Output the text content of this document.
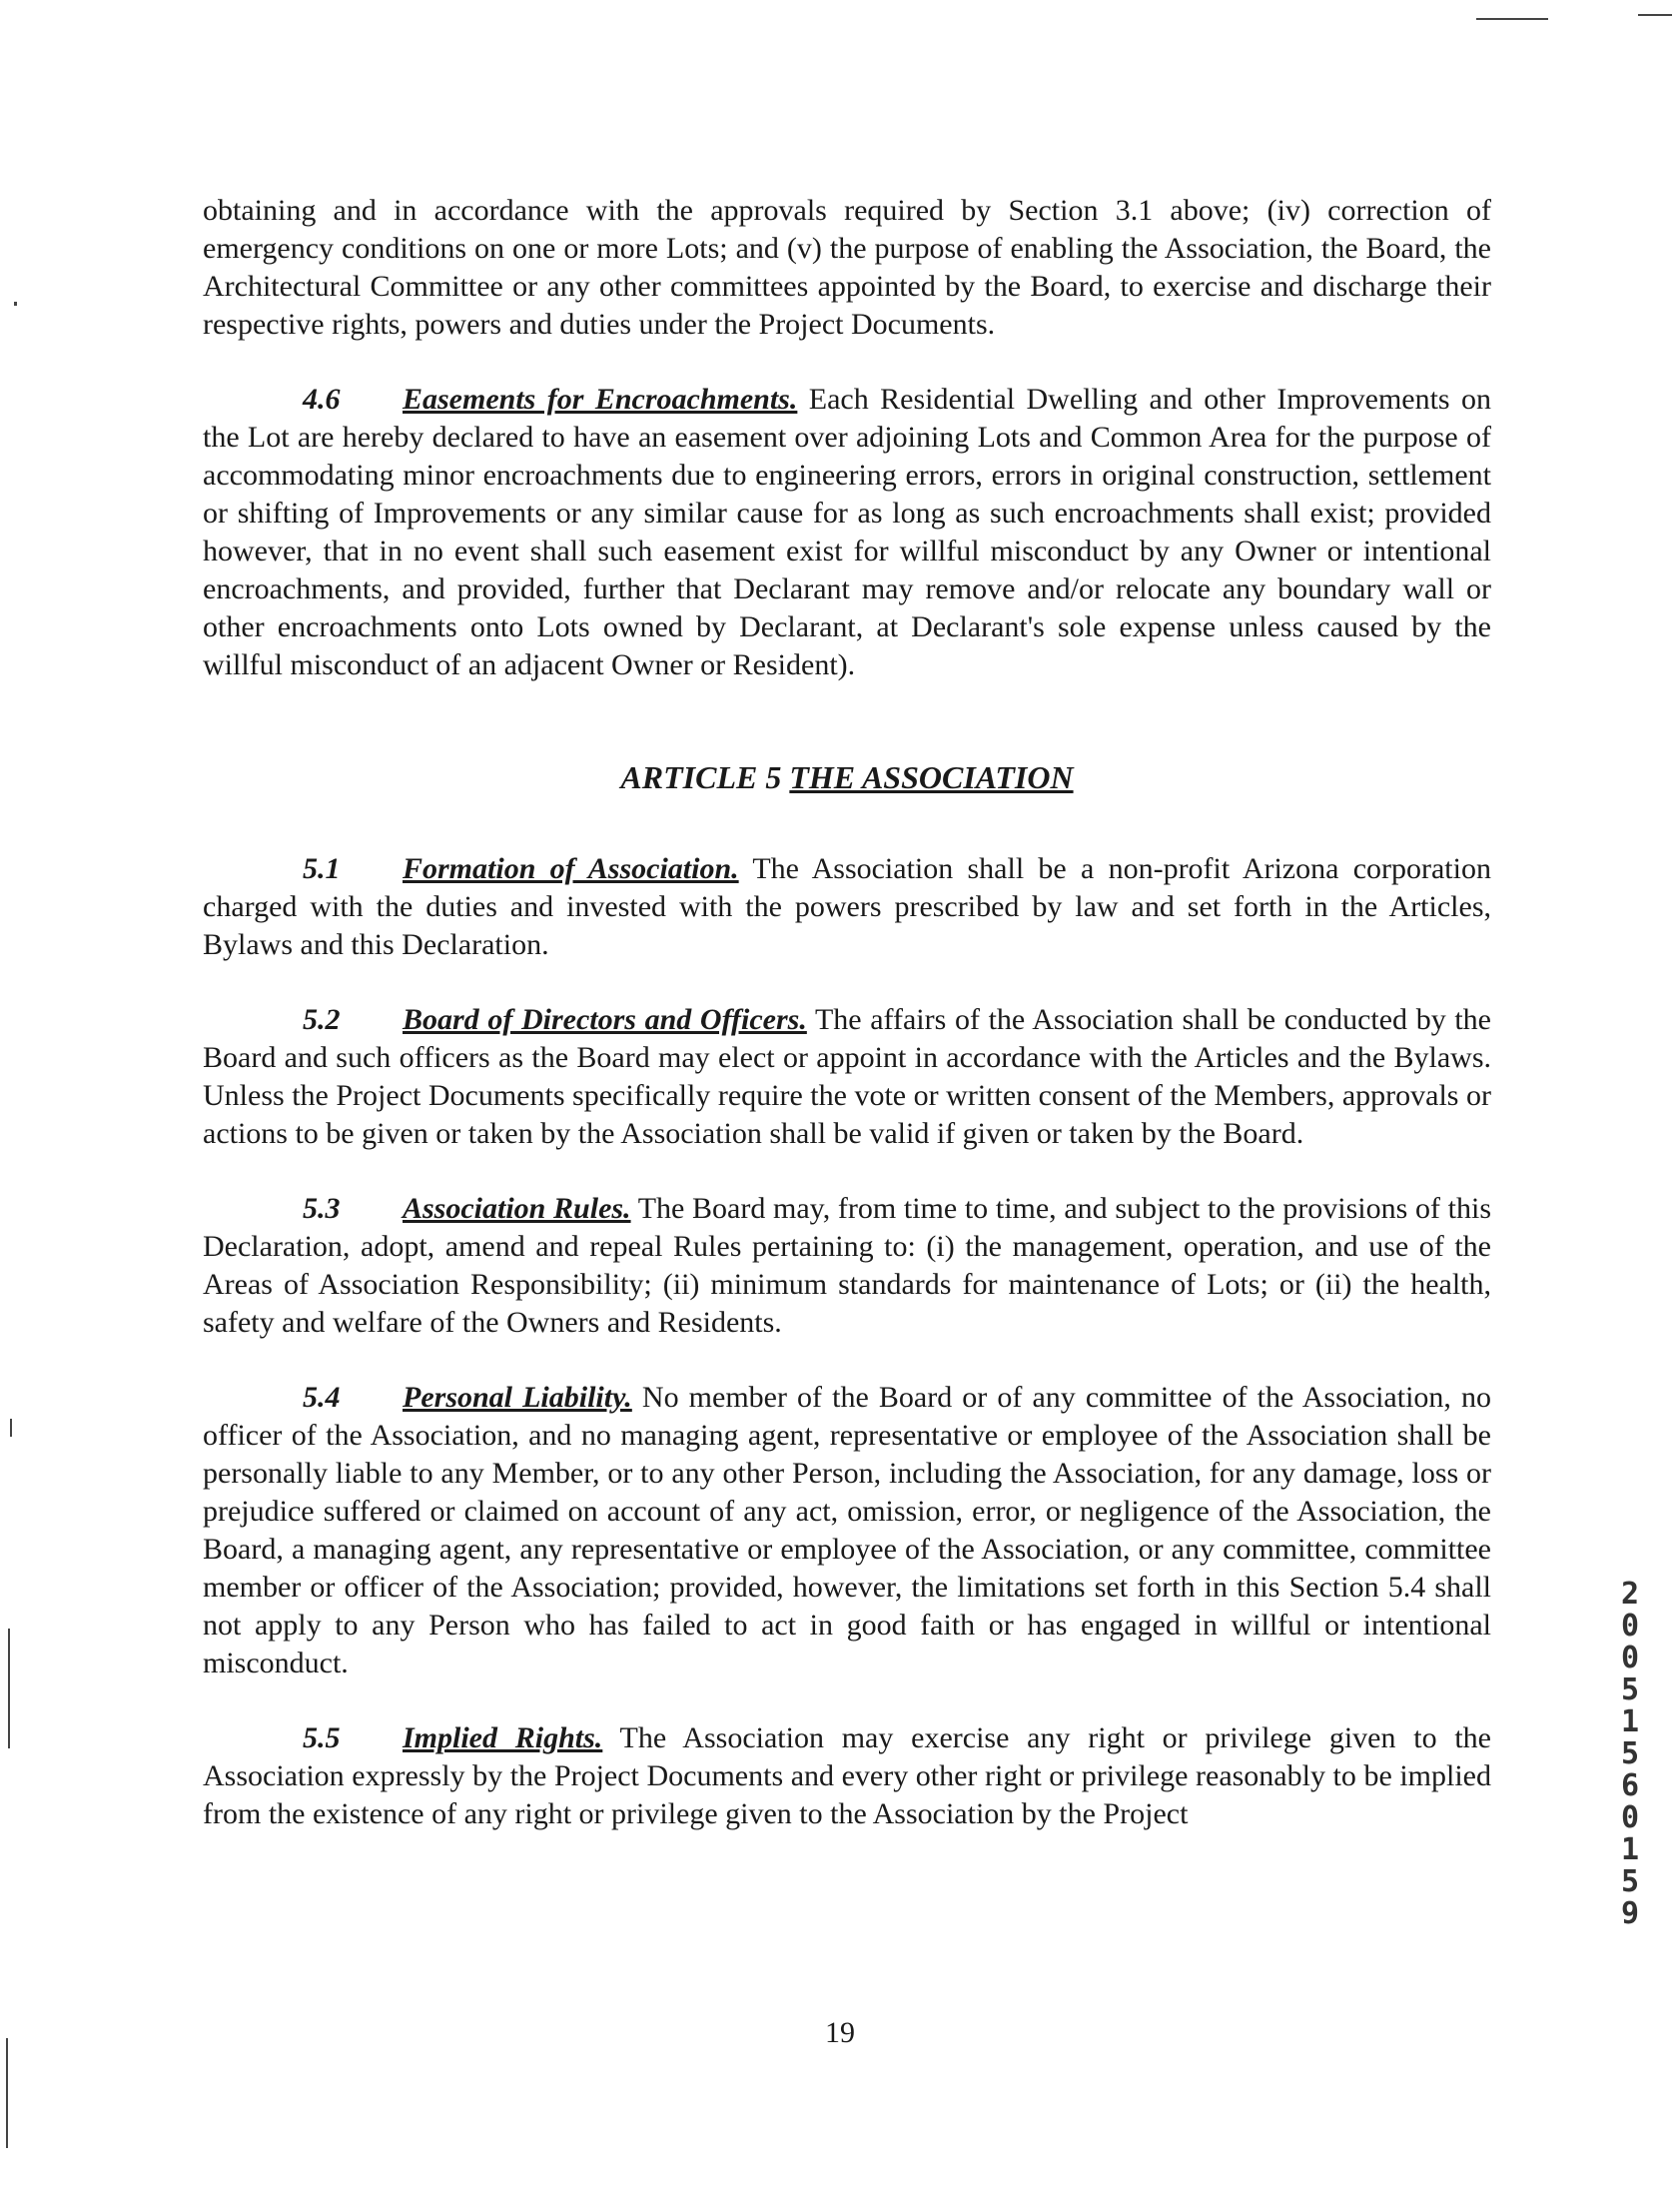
obtaining and in accordance with the approvals required by Section 3.1 above; (iv) correction of emergency conditions on one or more Lots; and (v) the purpose of enabling the Association, the Board, the Architectural Committee or any other committees appointed by the Board, to exercise and discharge their respective rights, powers and duties under the Project Documents.

4.6 Easements for Encroachments. Each Residential Dwelling and other Improvements on the Lot are hereby declared to have an easement over adjoining Lots and Common Area for the purpose of accommodating minor encroachments due to engineering errors, errors in original construction, settlement or shifting of Improvements or any similar cause for as long as such encroachments shall exist; provided however, that in no event shall such easement exist for willful misconduct by any Owner or intentional encroachments, and provided, further that Declarant may remove and/or relocate any boundary wall or other encroachments onto Lots owned by Declarant, at Declarant's sole expense unless caused by the willful misconduct of an adjacent Owner or Resident).

ARTICLE 5 THE ASSOCIATION

5.1 Formation of Association. The Association shall be a non-profit Arizona corporation charged with the duties and invested with the powers prescribed by law and set forth in the Articles, Bylaws and this Declaration.

5.2 Board of Directors and Officers. The affairs of the Association shall be conducted by the Board and such officers as the Board may elect or appoint in accordance with the Articles and the Bylaws. Unless the Project Documents specifically require the vote or written consent of the Members, approvals or actions to be given or taken by the Association shall be valid if given or taken by the Board.

5.3 Association Rules. The Board may, from time to time, and subject to the provisions of this Declaration, adopt, amend and repeal Rules pertaining to: (i) the management, operation, and use of the Areas of Association Responsibility; (ii) minimum standards for maintenance of Lots; or (ii) the health, safety and welfare of the Owners and Residents.

5.4 Personal Liability. No member of the Board or of any committee of the Association, no officer of the Association, and no managing agent, representative or employee of the Association shall be personally liable to any Member, or to any other Person, including the Association, for any damage, loss or prejudice suffered or claimed on account of any act, omission, error, or negligence of the Association, the Board, a managing agent, any representative or employee of the Association, or any committee, committee member or officer of the Association; provided, however, the limitations set forth in this Section 5.4 shall not apply to any Person who has failed to act in good faith or has engaged in willful or intentional misconduct.

5.5 Implied Rights. The Association may exercise any right or privilege given to the Association expressly by the Project Documents and every other right or privilege reasonably to be implied from the existence of any right or privilege given to the Association by the Project

20051560159
19
